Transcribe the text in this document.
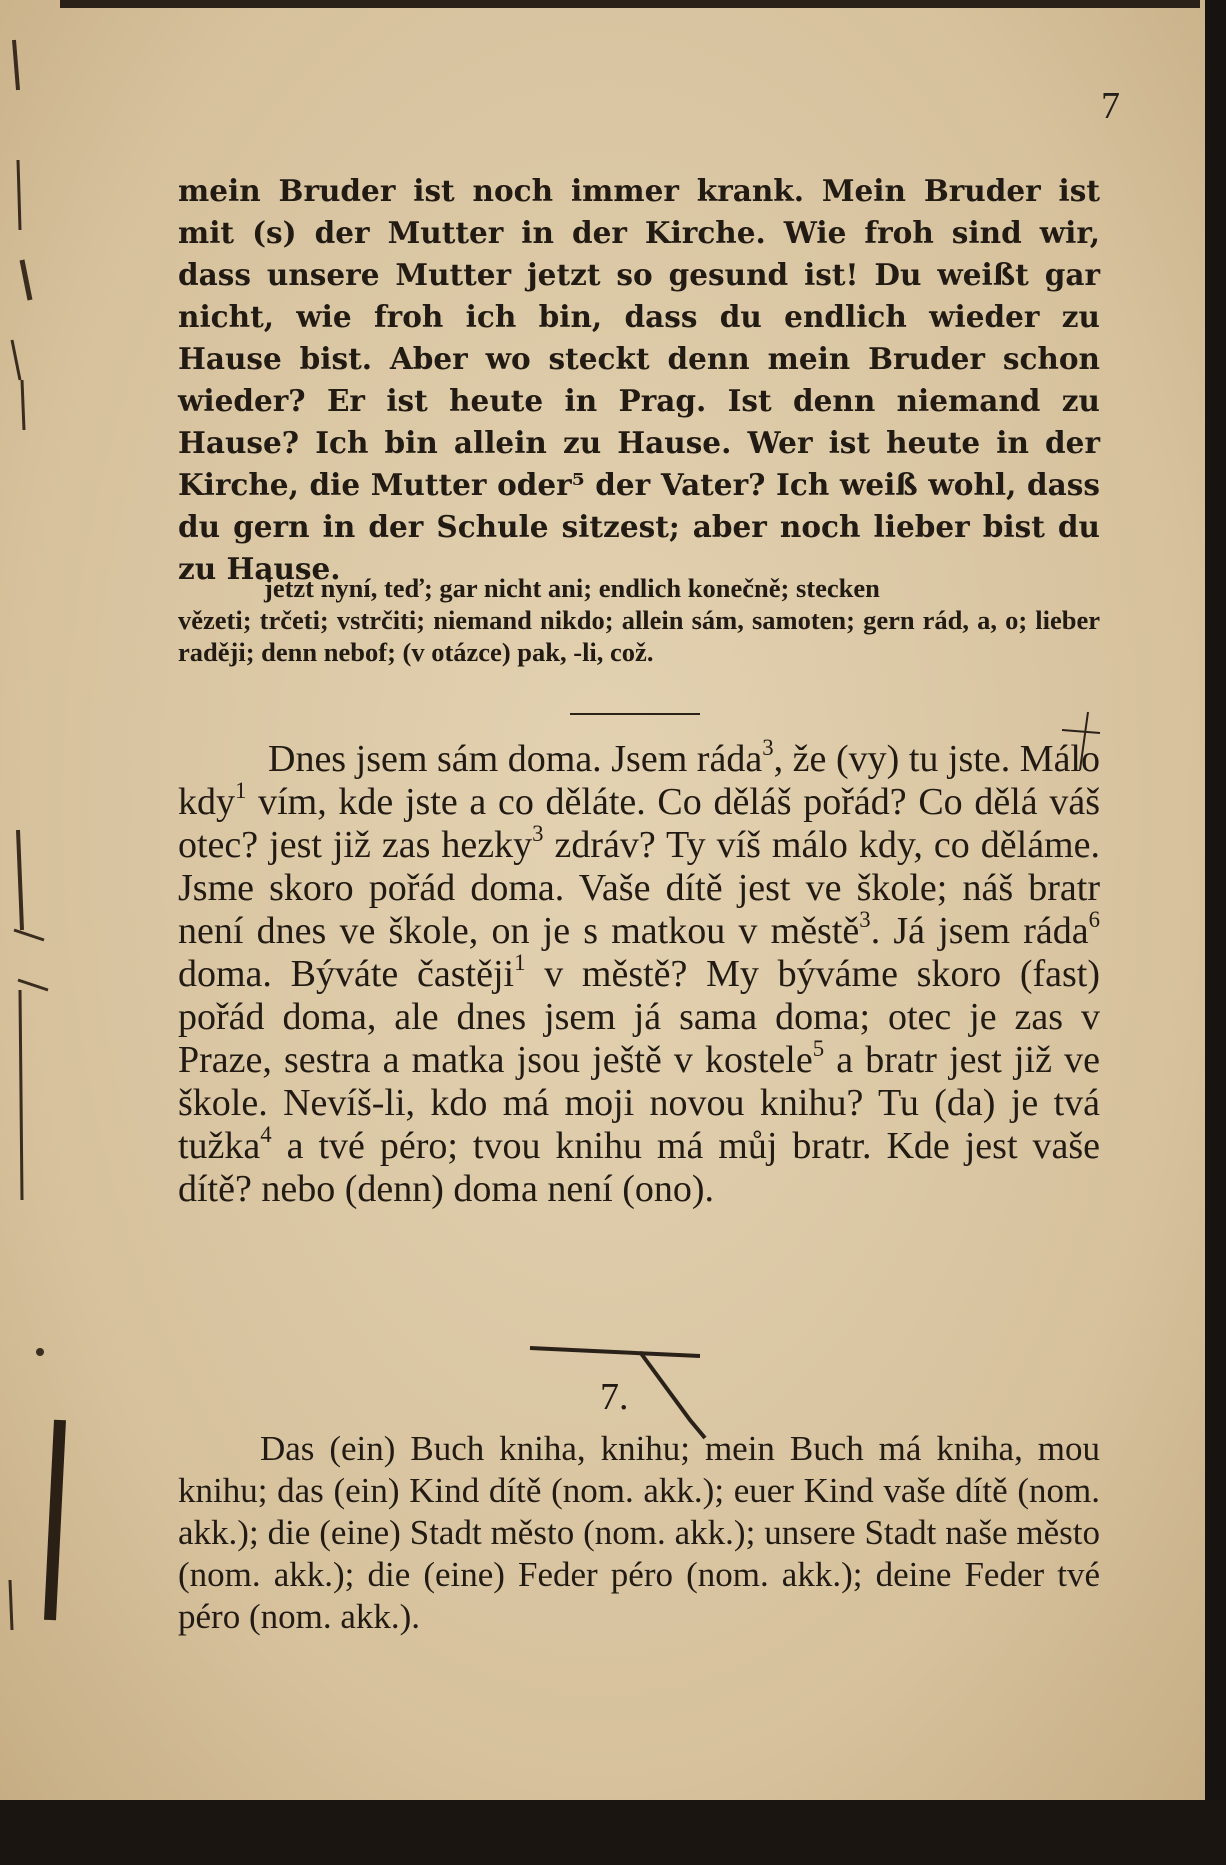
7
mein Bruder ist noch immer krank. Mein Bruder ist mit (s) der Mutter in der Kirche. Wie froh sind wir, dass unsere Mutter jetzt so gesund ist! Du weißt gar nicht, wie froh ich bin, dass du endlich wieder zu Hause bist. Aber wo steckt denn mein Bruder schon wieder? Er ist heute in Prag. Ist denn niemand zu Hause? Ich bin allein zu Hause. Wer ist heute in der Kirche, die Mutter oder⁵ der Vater? Ich weiß wohl, dass du gern in der Schule sitzest; aber noch lieber bist du zu Hause.
jetzt nyní, teď; gar nicht ani; endlich konečně; stecken
vězeti; trčeti; vstrčiti; niemand nikdo; allein sám, samoten; gern rád, a, o; lieber raději; denn nebof; (v otázce) pak, -li, což.
Dnes jsem sám doma. Jsem ráda$^3$, že (vy) tu jste. Málo kdy$^1$ vím, kde jste a co děláte. Co děláš pořád? Co dělá váš otec? jest již zas hezky$^3$ zdráv? Ty víš málo kdy, co děláme. Jsme skoro pořád doma. Vaše dítě jest ve škole; náš bratr není dnes ve škole, on je s matkou v městě$^3$. Já jsem ráda$^6$ doma. Býváte častěji$^1$ v městě? My býváme skoro (fast) pořád doma, ale dnes jsem já sama doma; otec je zas v Praze, sestra a matka jsou ještě v kostele$^5$ a bratr jest již ve škole. Nevíš-li, kdo má moji novou knihu? Tu (da) je tvá tužka$^4$ a tvé péro; tvou knihu má můj bratr. Kde jest vaše dítě? nebo (denn) doma není (ono).
7.
Das (ein) Buch kniha, knihu; mein Buch má kniha, mou knihu; das (ein) Kind dítě (nom. akk.); euer Kind vaše dítě (nom. akk.); die (eine) Stadt město (nom. akk.); unsere Stadt naše město (nom. akk.); die (eine) Feder péro (nom. akk.); deine Feder tvé péro (nom. akk.).
